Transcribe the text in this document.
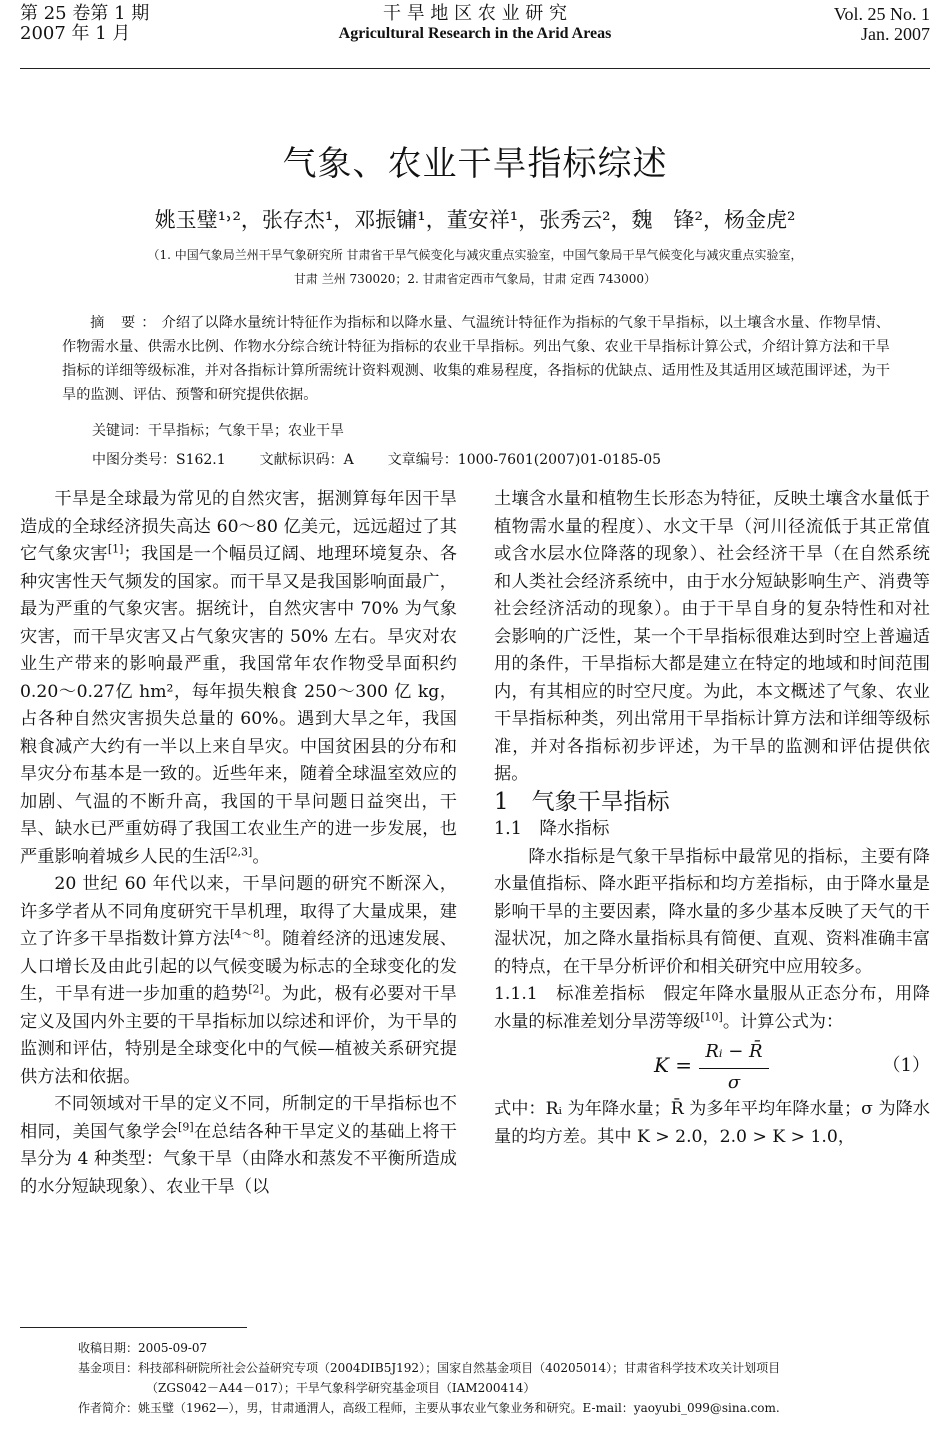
第 25 卷第 1 期
2007 年 1 月
干 旱 地 区 农 业 研 究
Agricultural Research in the Arid Areas
Vol. 25 No. 1
Jan. 2007
气象、农业干旱指标综述
姚玉璧¹˒²，张存杰¹，邓振镛¹，董安祥¹，张秀云²，魏　锋²，杨金虎²
（1. 中国气象局兰州干旱气象研究所 甘肃省干旱气候变化与减灾重点实验室，中国气象局干旱气候变化与减灾重点实验室，
甘肃 兰州 730020；2. 甘肃省定西市气象局，甘肃 定西 743000）
摘 要：介绍了以降水量统计特征作为指标和以降水量、气温统计特征作为指标的气象干旱指标，以土壤含水量、作物旱情、作物需水量、供需水比例、作物水分综合统计特征为指标的农业干旱指标。列出气象、农业干旱指标计算公式，介绍计算方法和干旱指标的详细等级标准，并对各指标计算所需统计资料观测、收集的难易程度，各指标的优缺点、适用性及其适用区域范围评述，为干旱的监测、评估、预警和研究提供依据。
关键词：干旱指标；气象干旱；农业干旱
中图分类号：S162.1 文献标识码：A 文章编号：1000-7601(2007)01-0185-05

干旱是全球最为常见的自然灾害，据测算每年因干旱造成的全球经济损失高达 60～80 亿美元，远远超过了其它气象灾害[1]；我国是一个幅员辽阔、地理环境复杂、各种灾害性天气频发的国家。而干旱又是我国影响面最广，最为严重的气象灾害。据统计，自然灾害中 70% 为气象灾害，而干旱灾害又占气象灾害的 50% 左右。旱灾对农业生产带来的影响最严重，我国常年农作物受旱面积约 0.20～0.27亿 hm²，每年损失粮食 250～300 亿 kg，占各种自然灾害损失总量的 60%。遇到大旱之年，我国粮食减产大约有一半以上来自旱灾。中国贫困县的分布和旱灾分布基本是一致的。近些年来，随着全球温室效应的加剧、气温的不断升高，我国的干旱问题日益突出，干旱、缺水已严重妨碍了我国工农业生产的进一步发展，也严重影响着城乡人民的生活[2,3]。

20 世纪 60 年代以来，干旱问题的研究不断深入，许多学者从不同角度研究干旱机理，取得了大量成果，建立了许多干旱指数计算方法[4～8]。随着经济的迅速发展、人口增长及由此引起的以气候变暖为标志的全球变化的发生，干旱有进一步加重的趋势[2]。为此，极有必要对干旱定义及国内外主要的干旱指标加以综述和评价，为干旱的监测和评估，特别是全球变化中的气候—植被关系研究提供方法和依据。

不同领域对干旱的定义不同，所制定的干旱指标也不相同，美国气象学会[9]在总结各种干旱定义的基础上将干旱分为 4 种类型：气象干旱（由降水和蒸发不平衡所造成的水分短缺现象）、农业干旱（以

土壤含水量和植物生长形态为特征，反映土壤含水量低于植物需水量的程度）、水文干旱（河川径流低于其正常值或含水层水位降落的现象）、社会经济干旱（在自然系统和人类社会经济系统中，由于水分短缺影响生产、消费等社会经济活动的现象）。由于干旱自身的复杂特性和对社会影响的广泛性，某一个干旱指标很难达到时空上普遍适用的条件，干旱指标大都是建立在特定的地域和时间范围内，有其相应的时空尺度。为此，本文概述了气象、农业干旱指标种类，列出常用干旱指标计算方法和详细等级标准，并对各指标初步评述，为干旱的监测和评估提供依据。

1　气象干旱指标

1.1　降水指标

降水指标是气象干旱指标中最常见的指标，主要有降水量值指标、降水距平指标和均方差指标，由于降水量是影响干旱的主要因素，降水量的多少基本反映了天气的干湿状况，加之降水量指标具有简便、直观、资料准确丰富的特点，在干旱分析评价和相关研究中应用较多。

1.1.1　标准差指标　假定年降水量服从正态分布，用降水量的标准差划分旱涝等级[10]。计算公式为：

$K = \frac{\text{Rᵢ − R̄}}{\sigma}$	（1）

式中：Rᵢ 为年降水量；R̄ 为多年平均年降水量；σ 为降水量的均方差。其中 K > 2.0，2.0 > K > 1.0，

收稿日期：2005-09-07
基金项目：科技部科研院所社会公益研究专项（2004DIB5J192）；国家自然基金项目（40205014）；甘肃省科学技术攻关计划项目
（ZGS042－A44－017）；干旱气象科学研究基金项目（IAM200414）
作者简介：姚玉璧（1962—），男，甘肃通渭人，高级工程师，主要从事农业气象业务和研究。E-mail：yaoyubi_099@sina.com.
